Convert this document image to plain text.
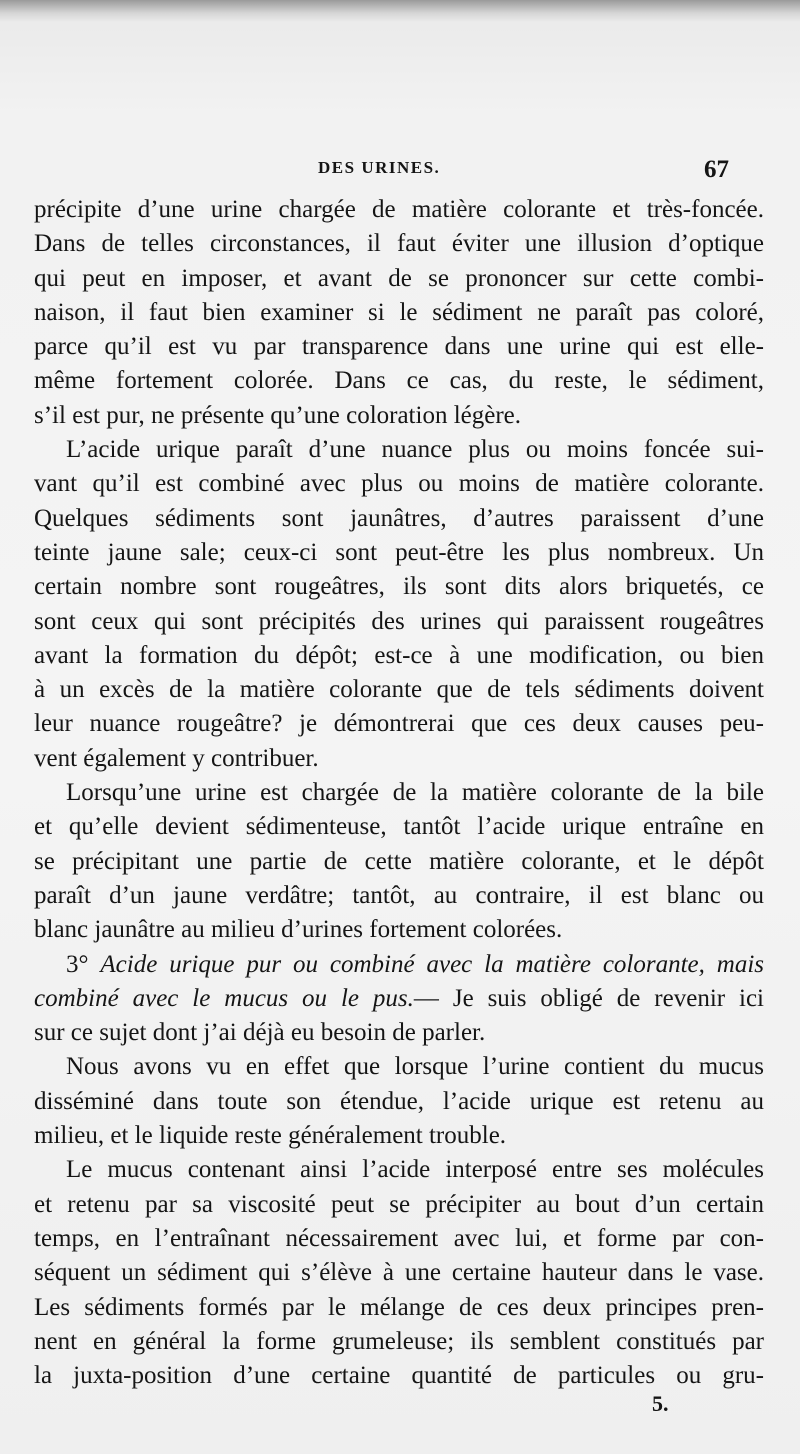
DES URINES.	67
précipite d’une urine chargée de matière colorante et très-foncée.
Dans de telles circonstances, il faut éviter une illusion d’optique
qui peut en imposer, et avant de se prononcer sur cette combi-
naison, il faut bien examiner si le sédiment ne paraît pas coloré,
parce qu’il est vu par transparence dans une urine qui est elle-
même fortement colorée. Dans ce cas, du reste, le sédiment,
s’il est pur, ne présente qu’une coloration légère.
L’acide urique paraît d’une nuance plus ou moins foncée sui-
vant qu’il est combiné avec plus ou moins de matière colorante.
Quelques sédiments sont jaunâtres, d’autres paraissent d’une
teinte jaune sale; ceux-ci sont peut-être les plus nombreux. Un
certain nombre sont rougeâtres, ils sont dits alors briquetés, ce
sont ceux qui sont précipités des urines qui paraissent rougeâtres
avant la formation du dépôt; est-ce à une modification, ou bien
à un excès de la matière colorante que de tels sédiments doivent
leur nuance rougeâtre? je démontrerai que ces deux causes peu-
vent également y contribuer.
Lorsqu’une urine est chargée de la matière colorante de la bile
et qu’elle devient sédimenteuse, tantôt l’acide urique entraîne en
se précipitant une partie de cette matière colorante, et le dépôt
paraît d’un jaune verdâtre; tantôt, au contraire, il est blanc ou
blanc jaunâtre au milieu d’urines fortement colorées.
3° Acide urique pur ou combiné avec la matière colorante, mais
combiné avec le mucus ou le pus.— Je suis obligé de revenir ici
sur ce sujet dont j’ai déjà eu besoin de parler.
Nous avons vu en effet que lorsque l’urine contient du mucus
disséminé dans toute son étendue, l’acide urique est retenu au
milieu, et le liquide reste généralement trouble.
Le mucus contenant ainsi l’acide interposé entre ses molécules
et retenu par sa viscosité peut se précipiter au bout d’un certain
temps, en l’entraînant nécessairement avec lui, et forme par con-
séquent un sédiment qui s’élève à une certaine hauteur dans le vase.
Les sédiments formés par le mélange de ces deux principes pren-
nent en général la forme grumeleuse; ils semblent constitués par
la juxta-position d’une certaine quantité de particules ou gru-
5.
